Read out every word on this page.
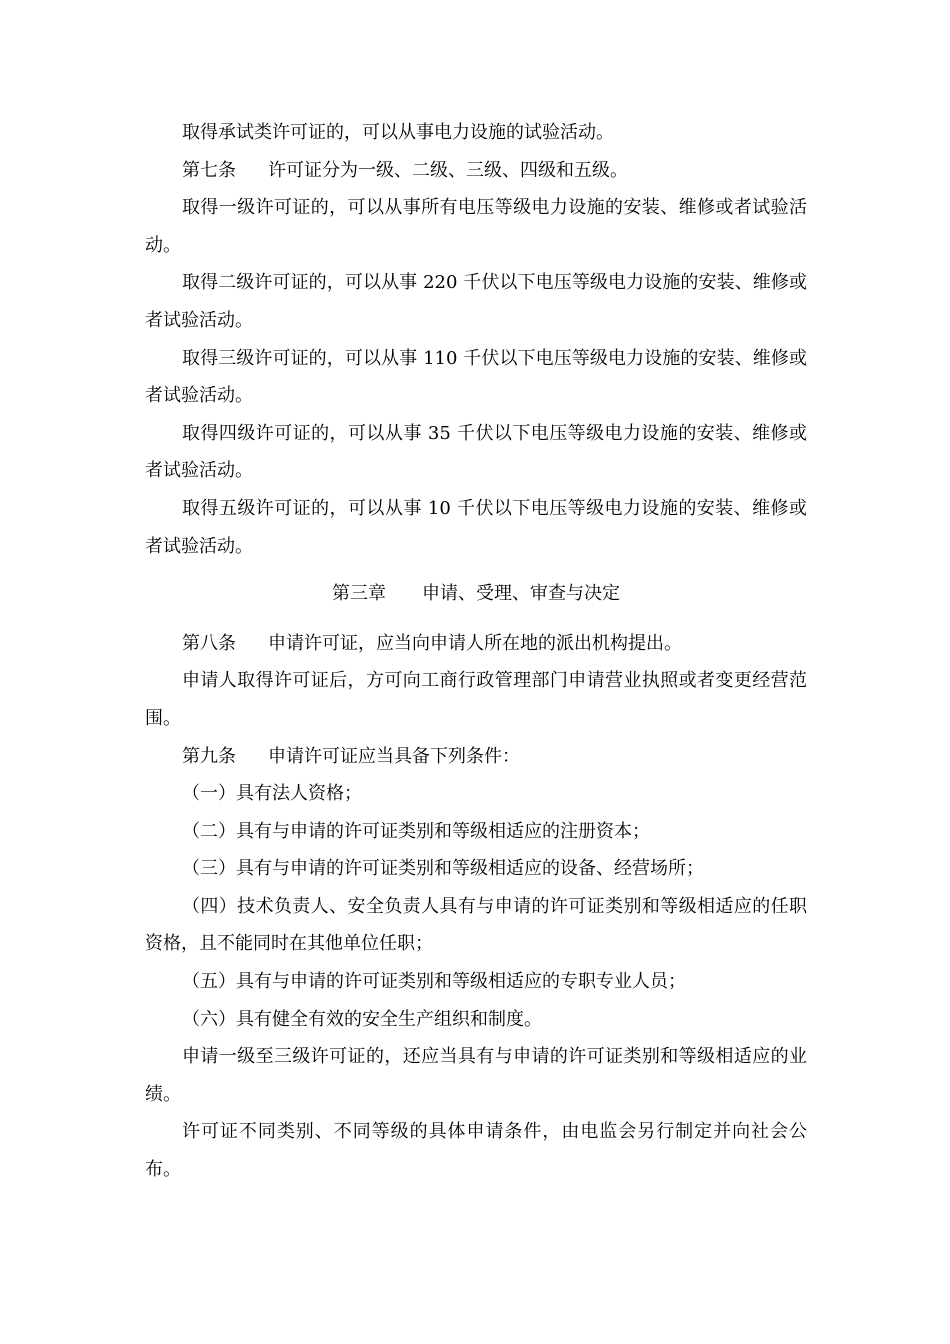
取得承试类许可证的，可以从事电力设施的试验活动。

第七条 许可证分为一级、二级、三级、四级和五级。

取得一级许可证的，可以从事所有电压等级电力设施的安装、维修或者试验活动。

取得二级许可证的，可以从事 220 千伏以下电压等级电力设施的安装、维修或者试验活动。

取得三级许可证的，可以从事 110 千伏以下电压等级电力设施的安装、维修或者试验活动。

取得四级许可证的，可以从事 35 千伏以下电压等级电力设施的安装、维修或者试验活动。

取得五级许可证的，可以从事 10 千伏以下电压等级电力设施的安装、维修或者试验活动。

第三章 申请、受理、审查与决定

第八条 申请许可证，应当向申请人所在地的派出机构提出。

申请人取得许可证后，方可向工商行政管理部门申请营业执照或者变更经营范围。

第九条 申请许可证应当具备下列条件：

（一）具有法人资格；

（二）具有与申请的许可证类别和等级相适应的注册资本；

（三）具有与申请的许可证类别和等级相适应的设备、经营场所；

（四）技术负责人、安全负责人具有与申请的许可证类别和等级相适应的任职资格，且不能同时在其他单位任职；

（五）具有与申请的许可证类别和等级相适应的专职专业人员；

（六）具有健全有效的安全生产组织和制度。

申请一级至三级许可证的，还应当具有与申请的许可证类别和等级相适应的业绩。

许可证不同类别、不同等级的具体申请条件，由电监会另行制定并向社会公布。
